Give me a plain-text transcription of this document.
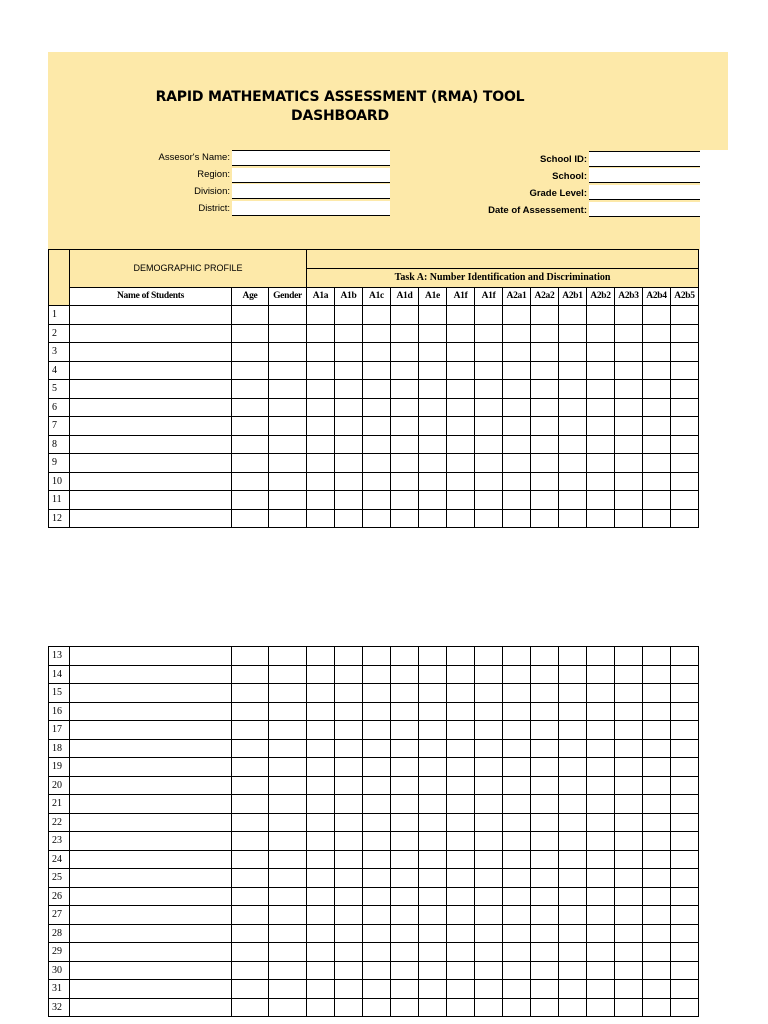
RAPID MATHEMATICS ASSESSMENT (RMA) TOOL
DASHBOARD
Assesor's Name:
Region:
Division:
District:
School ID:
School:
Grade Level:
Date of Assessement:
	DEMOGRAPHIC PROFILE																
				Task A: Number Identification and Discrimination													
	Name of Students	Age	Gender	A1a	A1b	A1c	A1d	A1e	A1f	A1f	A2a1	A2a2	A2b1	A2b2	A2b3	A2b4	A2b5
1																	
2																	
3																	
4																	
5																	
6																	
7																	
8																	
9																	
10																	
11																	
12																	
13																	
14																	
15																	
16																	
17																	
18																	
19																	
20																	
21																	
22																	
23																	
24																	
25																	
26																	
27																	
28																	
29																	
30																	
31																	
32																	
